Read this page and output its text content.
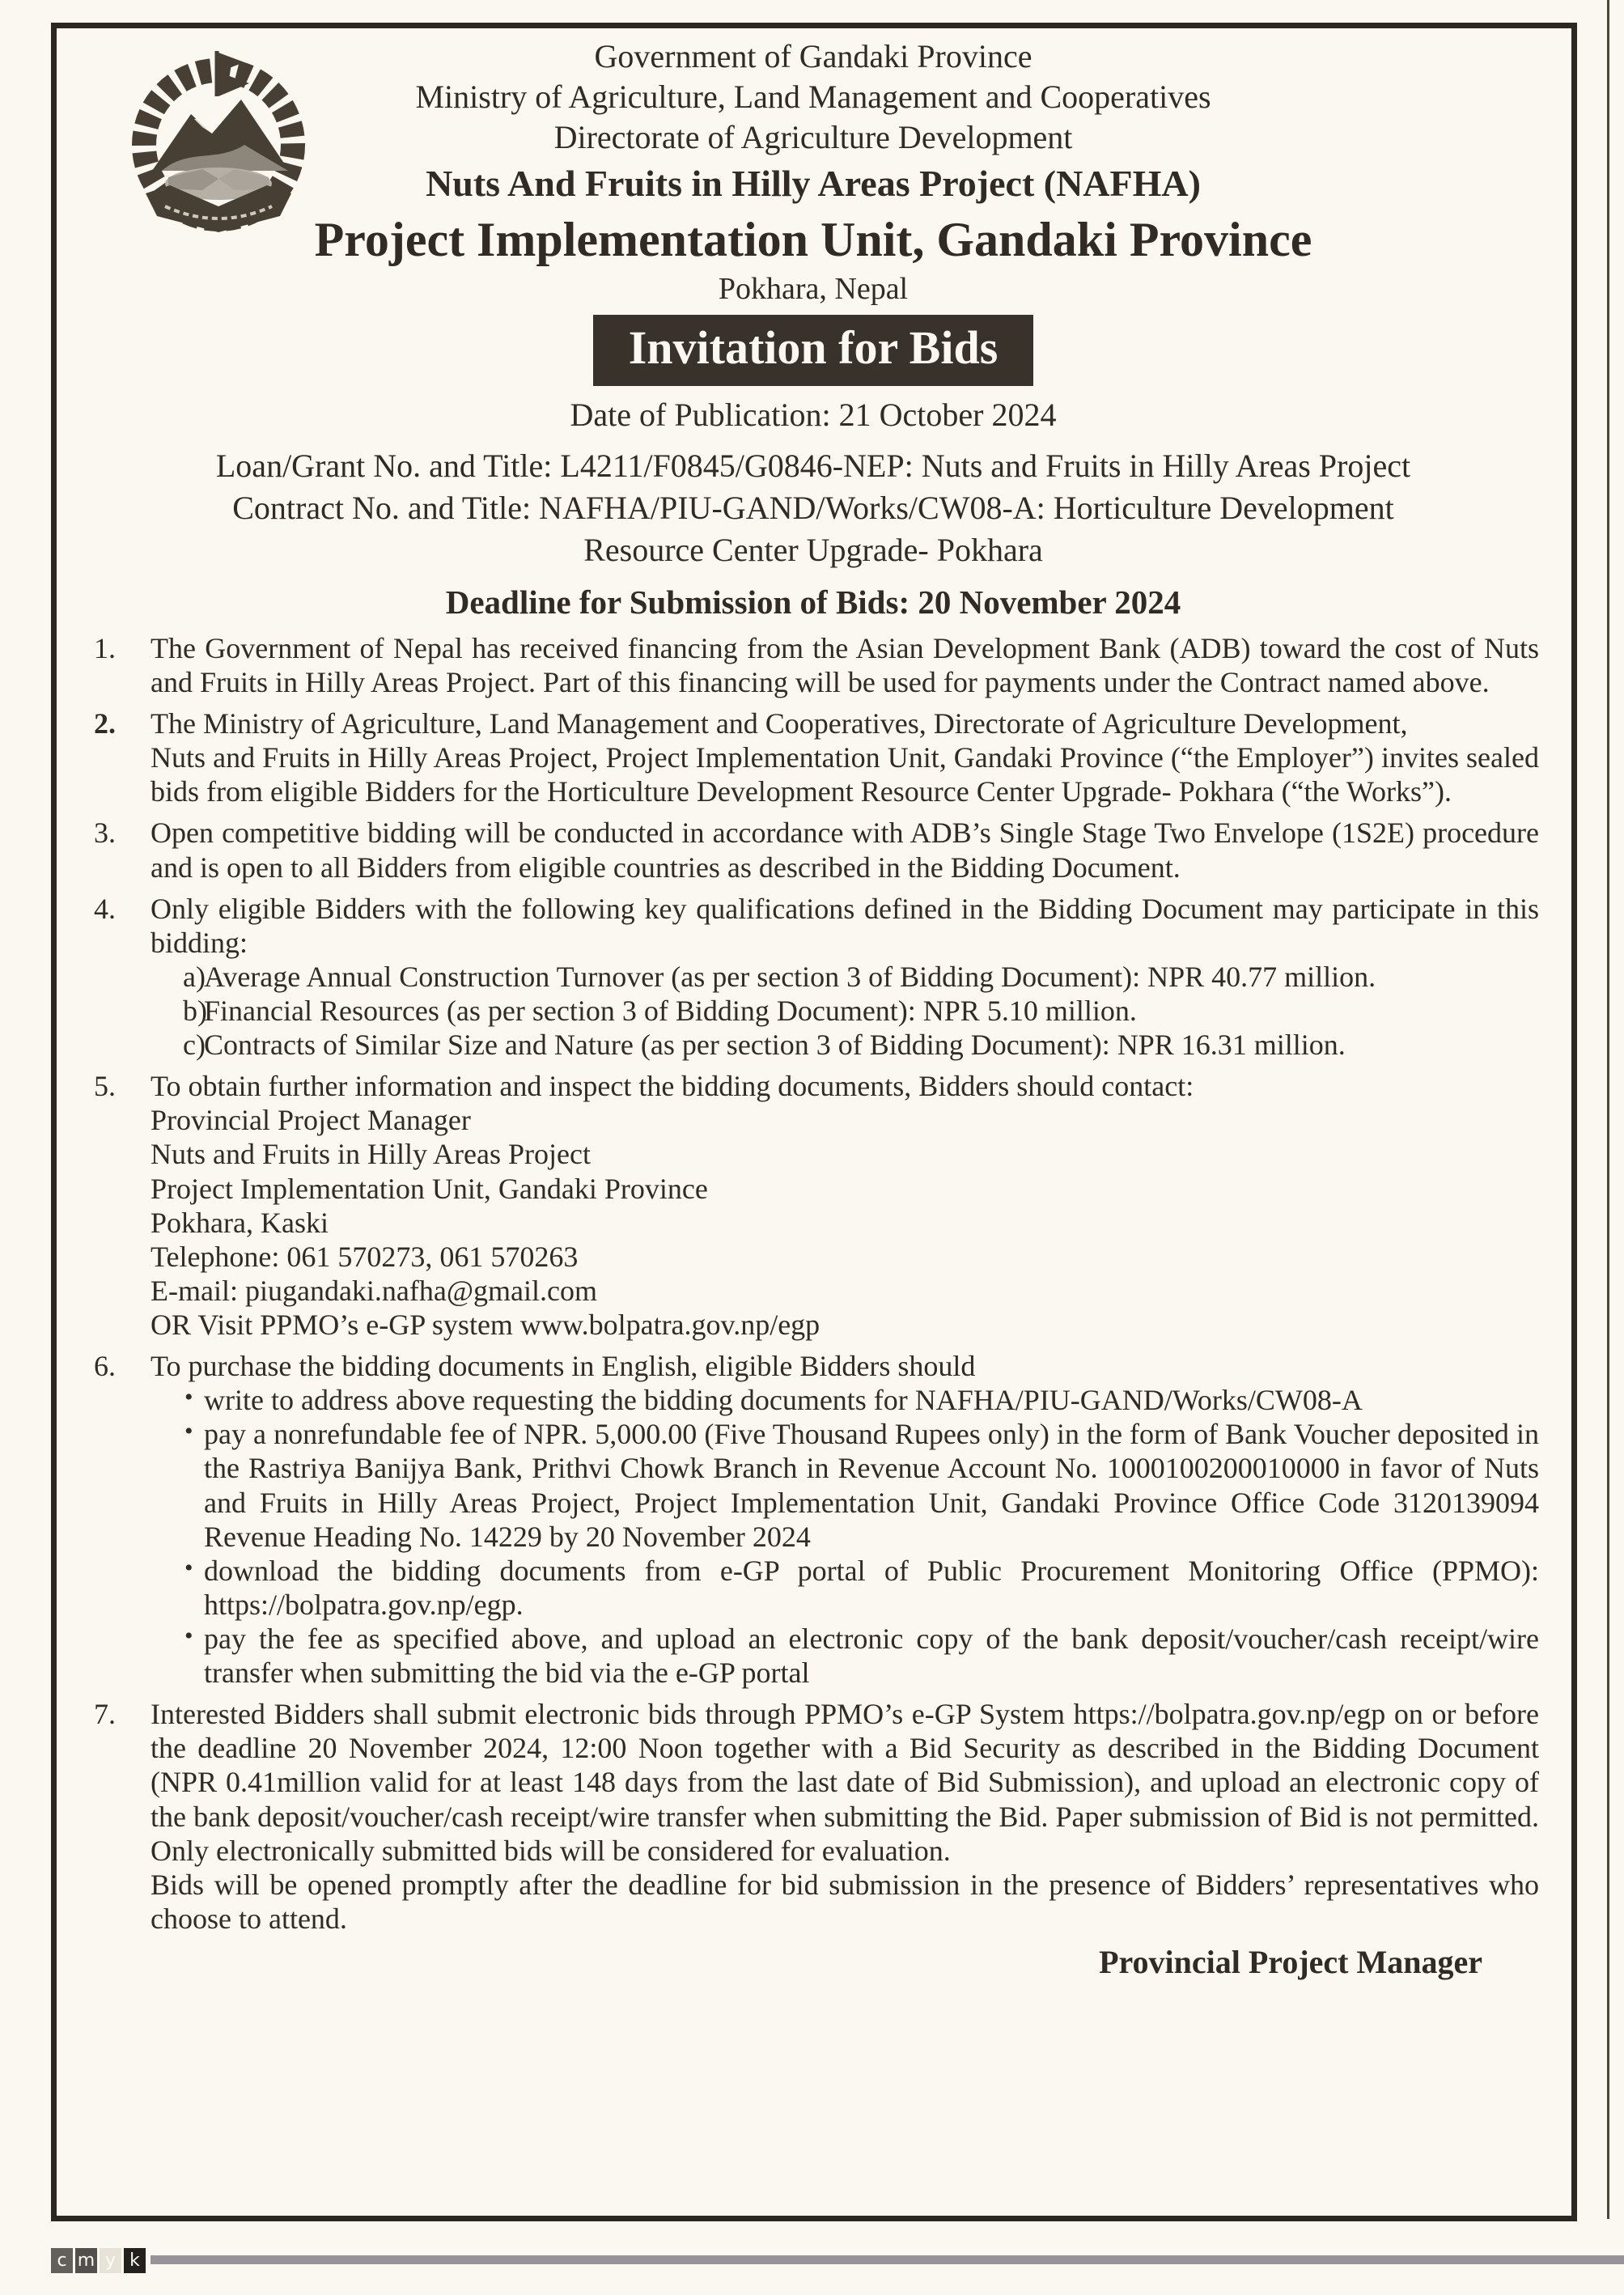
Government of Gandaki Province
Ministry of Agriculture, Land Management and Cooperatives
Directorate of Agriculture Development
Nuts And Fruits in Hilly Areas Project (NAFHA)
Project Implementation Unit, Gandaki Province
Pokhara, Nepal
Invitation for Bids
Date of Publication: 21 October 2024
Loan/Grant No. and Title: L4211/F0845/G0846-NEP: Nuts and Fruits in Hilly Areas Project
Contract No. and Title: NAFHA/PIU-GAND/Works/CW08-A: Horticulture Development
Resource Center Upgrade- Pokhara
Deadline for Submission of Bids: 20 November 2024
1.	The Government of Nepal has received financing from the Asian Development Bank (ADB) toward the cost of Nuts and Fruits in Hilly Areas Project. Part of this financing will be used for payments under the Contract named above.

2.	The Ministry of Agriculture, Land Management and Cooperatives, Directorate of Agriculture Development,

Nuts and Fruits in Hilly Areas Project, Project Implementation Unit, Gandaki Province (“the Employer”) invites sealed bids from eligible Bidders for the Horticulture Development Resource Center Upgrade- Pokhara (“the Works”).

3.	Open competitive bidding will be conducted in accordance with ADB’s Single Stage Two Envelope (1S2E) procedure and is open to all Bidders from eligible countries as described in the Bidding Document.

4.	Only eligible Bidders with the following key qualifications defined in the Bidding Document may participate in this bidding:

a)
Average Annual Construction Turnover (as per section 3 of Bidding Document): NPR 40.77 million.
b)
Financial Resources (as per section 3 of Bidding Document): NPR 5.10 million.
c)
Contracts of Similar Size and Nature (as per section 3 of Bidding Document): NPR 16.31 million.
5.	To obtain further information and inspect the bidding documents, Bidders should contact:

Provincial Project Manager
Nuts and Fruits in Hilly Areas Project
Project Implementation Unit, Gandaki Province
Pokhara, Kaski
Telephone: 061 570273, 061 570263
E-mail: piugandaki.nafha@gmail.com
OR Visit PPMO’s e-GP system www.bolpatra.gov.np/egp
6.	To purchase the bidding documents in English, eligible Bidders should

• write to address above requesting the bidding documents for NAFHA/PIU-GAND/Works/CW08-A
• pay a nonrefundable fee of NPR. 5,000.00 (Five Thousand Rupees only) in the form of Bank Voucher deposited in the Rastriya Banijya Bank, Prithvi Chowk Branch in Revenue Account No. 1000100200010000 in favor of Nuts and Fruits in Hilly Areas Project, Project Implementation Unit, Gandaki Province Office Code 3120139094 Revenue Heading No. 14229 by 20 November 2024
• download the bidding documents from e-GP portal of Public Procurement Monitoring Office (PPMO): https://bolpatra.gov.np/egp.
• pay the fee as specified above, and upload an electronic copy of the bank deposit/voucher/cash receipt/wire transfer when submitting the bid via the e-GP portal
7.	Interested Bidders shall submit electronic bids through PPMO’s e-GP System https://bolpatra.gov.np/egp on or before the deadline 20 November 2024, 12:00 Noon together with a Bid Security as described in the Bidding Document (NPR 0.41million valid for at least 148 days from the last date of Bid Submission), and upload an electronic copy of the bank deposit/voucher/cash receipt/wire transfer when submitting the Bid. Paper submission of Bid is not permitted. Only electronically submitted bids will be considered for evaluation.

Bids will be opened promptly after the deadline for bid submission in the presence of Bidders’ representatives who choose to attend.

Provincial Project Manager
c m y k
